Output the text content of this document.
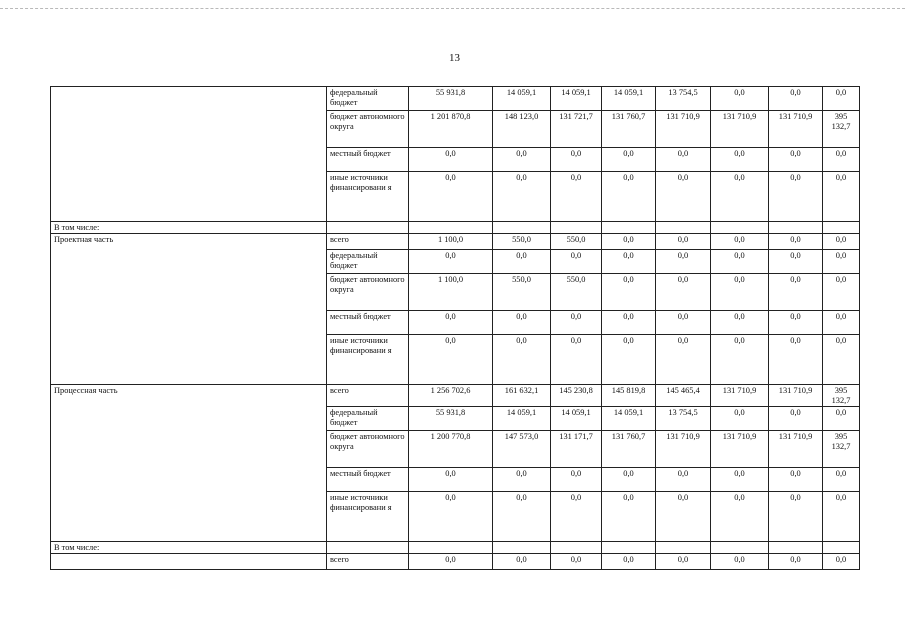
13
	федеральный бюджет	55 931,8	14 059,1	14 059,1	14 059,1	13 754,5	0,0	0,0	0,0
	бюджет автономного округа	1 201 870,8	148 123,0	131 721,7	131 760,7	131 710,9	131 710,9	131 710,9	395 132,7
	местный бюджет	0,0	0,0	0,0	0,0	0,0	0,0	0,0	0,0
	иные источники финансировани я	0,0	0,0	0,0	0,0	0,0	0,0	0,0	0,0
В том числе:									
Проектная часть	всего	1 100,0	550,0	550,0	0,0	0,0	0,0	0,0	0,0
	федеральный бюджет	0,0	0,0	0,0	0,0	0,0	0,0	0,0	0,0
	бюджет автономного округа	1 100,0	550,0	550,0	0,0	0,0	0,0	0,0	0,0
	местный бюджет	0,0	0,0	0,0	0,0	0,0	0,0	0,0	0,0
	иные источники финансировани я	0,0	0,0	0,0	0,0	0,0	0,0	0,0	0,0
Процессная часть	всего	1 256 702,6	161 632,1	145 230,8	145 819,8	145 465,4	131 710,9	131 710,9	395 132,7
	федеральный бюджет	55 931,8	14 059,1	14 059,1	14 059,1	13 754,5	0,0	0,0	0,0
	бюджет автономного округа	1 200 770,8	147 573,0	131 171,7	131 760,7	131 710,9	131 710,9	131 710,9	395 132,7
	местный бюджет	0,0	0,0	0,0	0,0	0,0	0,0	0,0	0,0
	иные источники финансировани я	0,0	0,0	0,0	0,0	0,0	0,0	0,0	0,0
В том числе:									
	всего	0,0	0,0	0,0	0,0	0,0	0,0	0,0	0,0
